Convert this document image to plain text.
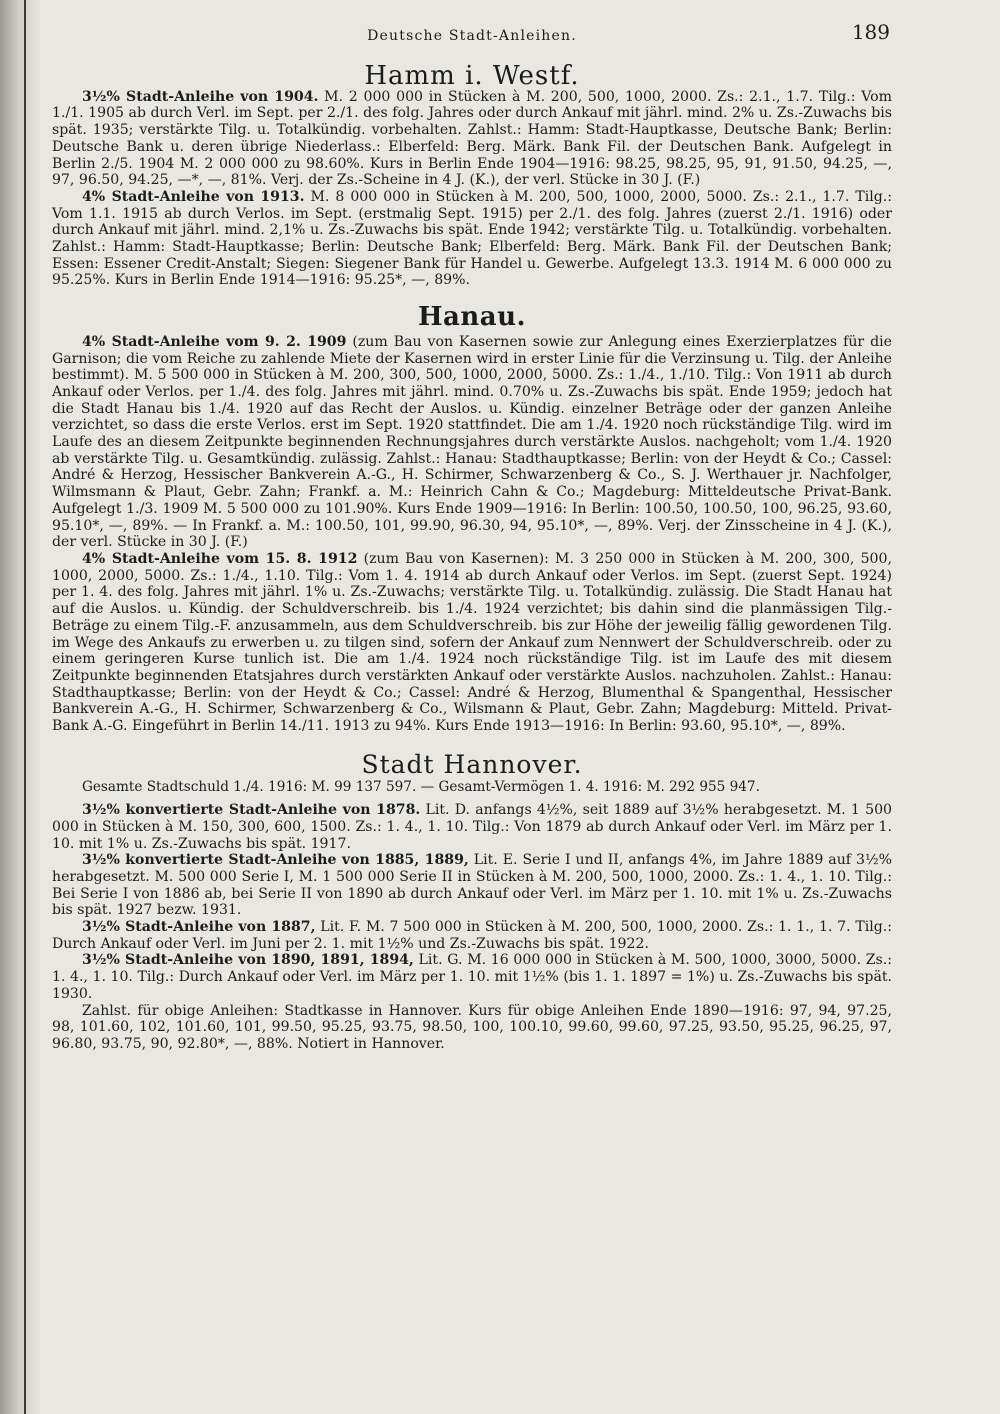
Deutsche Stadt-Anleihen.	189
Hamm i. Westf.

3½% Stadt-Anleihe von 1904. M. 2 000 000 in Stücken à M. 200, 500, 1000, 2000. Zs.: 2.1., 1.7. Tilg.: Vom 1./1. 1905 ab durch Verl. im Sept. per 2./1. des folg. Jahres oder durch Ankauf mit jährl. mind. 2% u. Zs.-Zuwachs bis spät. 1935; verstärkte Tilg. u. Totalkündig. vorbehalten. Zahlst.: Hamm: Stadt-Hauptkasse, Deutsche Bank; Berlin: Deutsche Bank u. deren übrige Niederlass.: Elberfeld: Berg. Märk. Bank Fil. der Deutschen Bank. Aufgelegt in Berlin 2./5. 1904 M. 2 000 000 zu 98.60%. Kurs in Berlin Ende 1904—1916: 98.25, 98.25, 95, 91, 91.50, 94.25, —, 97, 96.50, 94.25, —*, —, 81%. Verj. der Zs.-Scheine in 4 J. (K.), der verl. Stücke in 30 J. (F.)

4% Stadt-Anleihe von 1913. M. 8 000 000 in Stücken à M. 200, 500, 1000, 2000, 5000. Zs.: 2.1., 1.7. Tilg.: Vom 1.1. 1915 ab durch Verlos. im Sept. (erstmalig Sept. 1915) per 2./1. des folg. Jahres (zuerst 2./1. 1916) oder durch Ankauf mit jährl. mind. 2,1% u. Zs.-Zuwachs bis spät. Ende 1942; verstärkte Tilg. u. Totalkündig. vorbehalten. Zahlst.: Hamm: Stadt-Hauptkasse; Berlin: Deutsche Bank; Elberfeld: Berg. Märk. Bank Fil. der Deutschen Bank; Essen: Essener Credit-Anstalt; Siegen: Siegener Bank für Handel u. Gewerbe. Aufgelegt 13.3. 1914 M. 6 000 000 zu 95.25%. Kurs in Berlin Ende 1914—1916: 95.25*, —, 89%.

Hanau.

4% Stadt-Anleihe vom 9. 2. 1909 (zum Bau von Kasernen sowie zur Anlegung eines Exerzierplatzes für die Garnison; die vom Reiche zu zahlende Miete der Kasernen wird in erster Linie für die Verzinsung u. Tilg. der Anleihe bestimmt). M. 5 500 000 in Stücken à M. 200, 300, 500, 1000, 2000, 5000. Zs.: 1./4., 1./10. Tilg.: Von 1911 ab durch Ankauf oder Verlos. per 1./4. des folg. Jahres mit jährl. mind. 0.70% u. Zs.-Zuwachs bis spät. Ende 1959; jedoch hat die Stadt Hanau bis 1./4. 1920 auf das Recht der Auslos. u. Kündig. einzelner Beträge oder der ganzen Anleihe verzichtet, so dass die erste Verlos. erst im Sept. 1920 stattfindet. Die am 1./4. 1920 noch rückständige Tilg. wird im Laufe des an diesem Zeitpunkte beginnenden Rechnungsjahres durch verstärkte Auslos. nachgeholt; vom 1./4. 1920 ab verstärkte Tilg. u. Gesamtkündig. zulässig. Zahlst.: Hanau: Stadthauptkasse; Berlin: von der Heydt & Co.; Cassel: André & Herzog, Hessischer Bankverein A.-G., H. Schirmer, Schwarzenberg & Co., S. J. Werthauer jr. Nachfolger, Wilmsmann & Plaut, Gebr. Zahn; Frankf. a. M.: Heinrich Cahn & Co.; Magdeburg: Mitteldeutsche Privat-Bank. Aufgelegt 1./3. 1909 M. 5 500 000 zu 101.90%. Kurs Ende 1909—1916: In Berlin: 100.50, 100.50, 100, 96.25, 93.60, 95.10*, —, 89%. — In Frankf. a. M.: 100.50, 101, 99.90, 96.30, 94, 95.10*, —, 89%. Verj. der Zinsscheine in 4 J. (K.), der verl. Stücke in 30 J. (F.)

4% Stadt-Anleihe vom 15. 8. 1912 (zum Bau von Kasernen): M. 3 250 000 in Stücken à M. 200, 300, 500, 1000, 2000, 5000. Zs.: 1./4., 1.10. Tilg.: Vom 1. 4. 1914 ab durch Ankauf oder Verlos. im Sept. (zuerst Sept. 1924) per 1. 4. des folg. Jahres mit jährl. 1% u. Zs.-Zuwachs; verstärkte Tilg. u. Totalkündig. zulässig. Die Stadt Hanau hat auf die Auslos. u. Kündig. der Schuldverschreib. bis 1./4. 1924 verzichtet; bis dahin sind die planmässigen Tilg.-Beträge zu einem Tilg.-F. anzusammeln, aus dem Schuldverschreib. bis zur Höhe der jeweilig fällig gewordenen Tilg. im Wege des Ankaufs zu erwerben u. zu tilgen sind, sofern der Ankauf zum Nennwert der Schuldverschreib. oder zu einem geringeren Kurse tunlich ist. Die am 1./4. 1924 noch rückständige Tilg. ist im Laufe des mit diesem Zeitpunkte beginnenden Etatsjahres durch verstärkten Ankauf oder verstärkte Auslos. nachzuholen. Zahlst.: Hanau: Stadthauptkasse; Berlin: von der Heydt & Co.; Cassel: André & Herzog, Blumenthal & Spangenthal, Hessischer Bankverein A.-G., H. Schirmer, Schwarzenberg & Co., Wilsmann & Plaut, Gebr. Zahn; Magdeburg: Mitteld. Privat-Bank A.-G. Eingeführt in Berlin 14./11. 1913 zu 94%. Kurs Ende 1913—1916: In Berlin: 93.60, 95.10*, —, 89%.

Stadt Hannover.

Gesamte Stadtschuld 1./4. 1916: M. 99 137 597. — Gesamt-Vermögen 1. 4. 1916: M. 292 955 947.

3½% konvertierte Stadt-Anleihe von 1878. Lit. D. anfangs 4½%, seit 1889 auf 3½% herabgesetzt. M. 1 500 000 in Stücken à M. 150, 300, 600, 1500. Zs.: 1. 4., 1. 10. Tilg.: Von 1879 ab durch Ankauf oder Verl. im März per 1. 10. mit 1% u. Zs.-Zuwachs bis spät. 1917.

3½% konvertierte Stadt-Anleihe von 1885, 1889, Lit. E. Serie I und II, anfangs 4%, im Jahre 1889 auf 3½% herabgesetzt. M. 500 000 Serie I, M. 1 500 000 Serie II in Stücken à M. 200, 500, 1000, 2000. Zs.: 1. 4., 1. 10. Tilg.: Bei Serie I von 1886 ab, bei Serie II von 1890 ab durch Ankauf oder Verl. im März per 1. 10. mit 1% u. Zs.-Zuwachs bis spät. 1927 bezw. 1931.

3½% Stadt-Anleihe von 1887, Lit. F. M. 7 500 000 in Stücken à M. 200, 500, 1000, 2000. Zs.: 1. 1., 1. 7. Tilg.: Durch Ankauf oder Verl. im Juni per 2. 1. mit 1½% und Zs.-Zuwachs bis spät. 1922.

3½% Stadt-Anleihe von 1890, 1891, 1894, Lit. G. M. 16 000 000 in Stücken à M. 500, 1000, 3000, 5000. Zs.: 1. 4., 1. 10. Tilg.: Durch Ankauf oder Verl. im März per 1. 10. mit 1½% (bis 1. 1. 1897 = 1%) u. Zs.-Zuwachs bis spät. 1930.

Zahlst. für obige Anleihen: Stadtkasse in Hannover. Kurs für obige Anleihen Ende 1890—1916: 97, 94, 97.25, 98, 101.60, 102, 101.60, 101, 99.50, 95.25, 93.75, 98.50, 100, 100.10, 99.60, 99.60, 97.25, 93.50, 95.25, 96.25, 97, 96.80, 93.75, 90, 92.80*, —, 88%. Notiert in Hannover.
